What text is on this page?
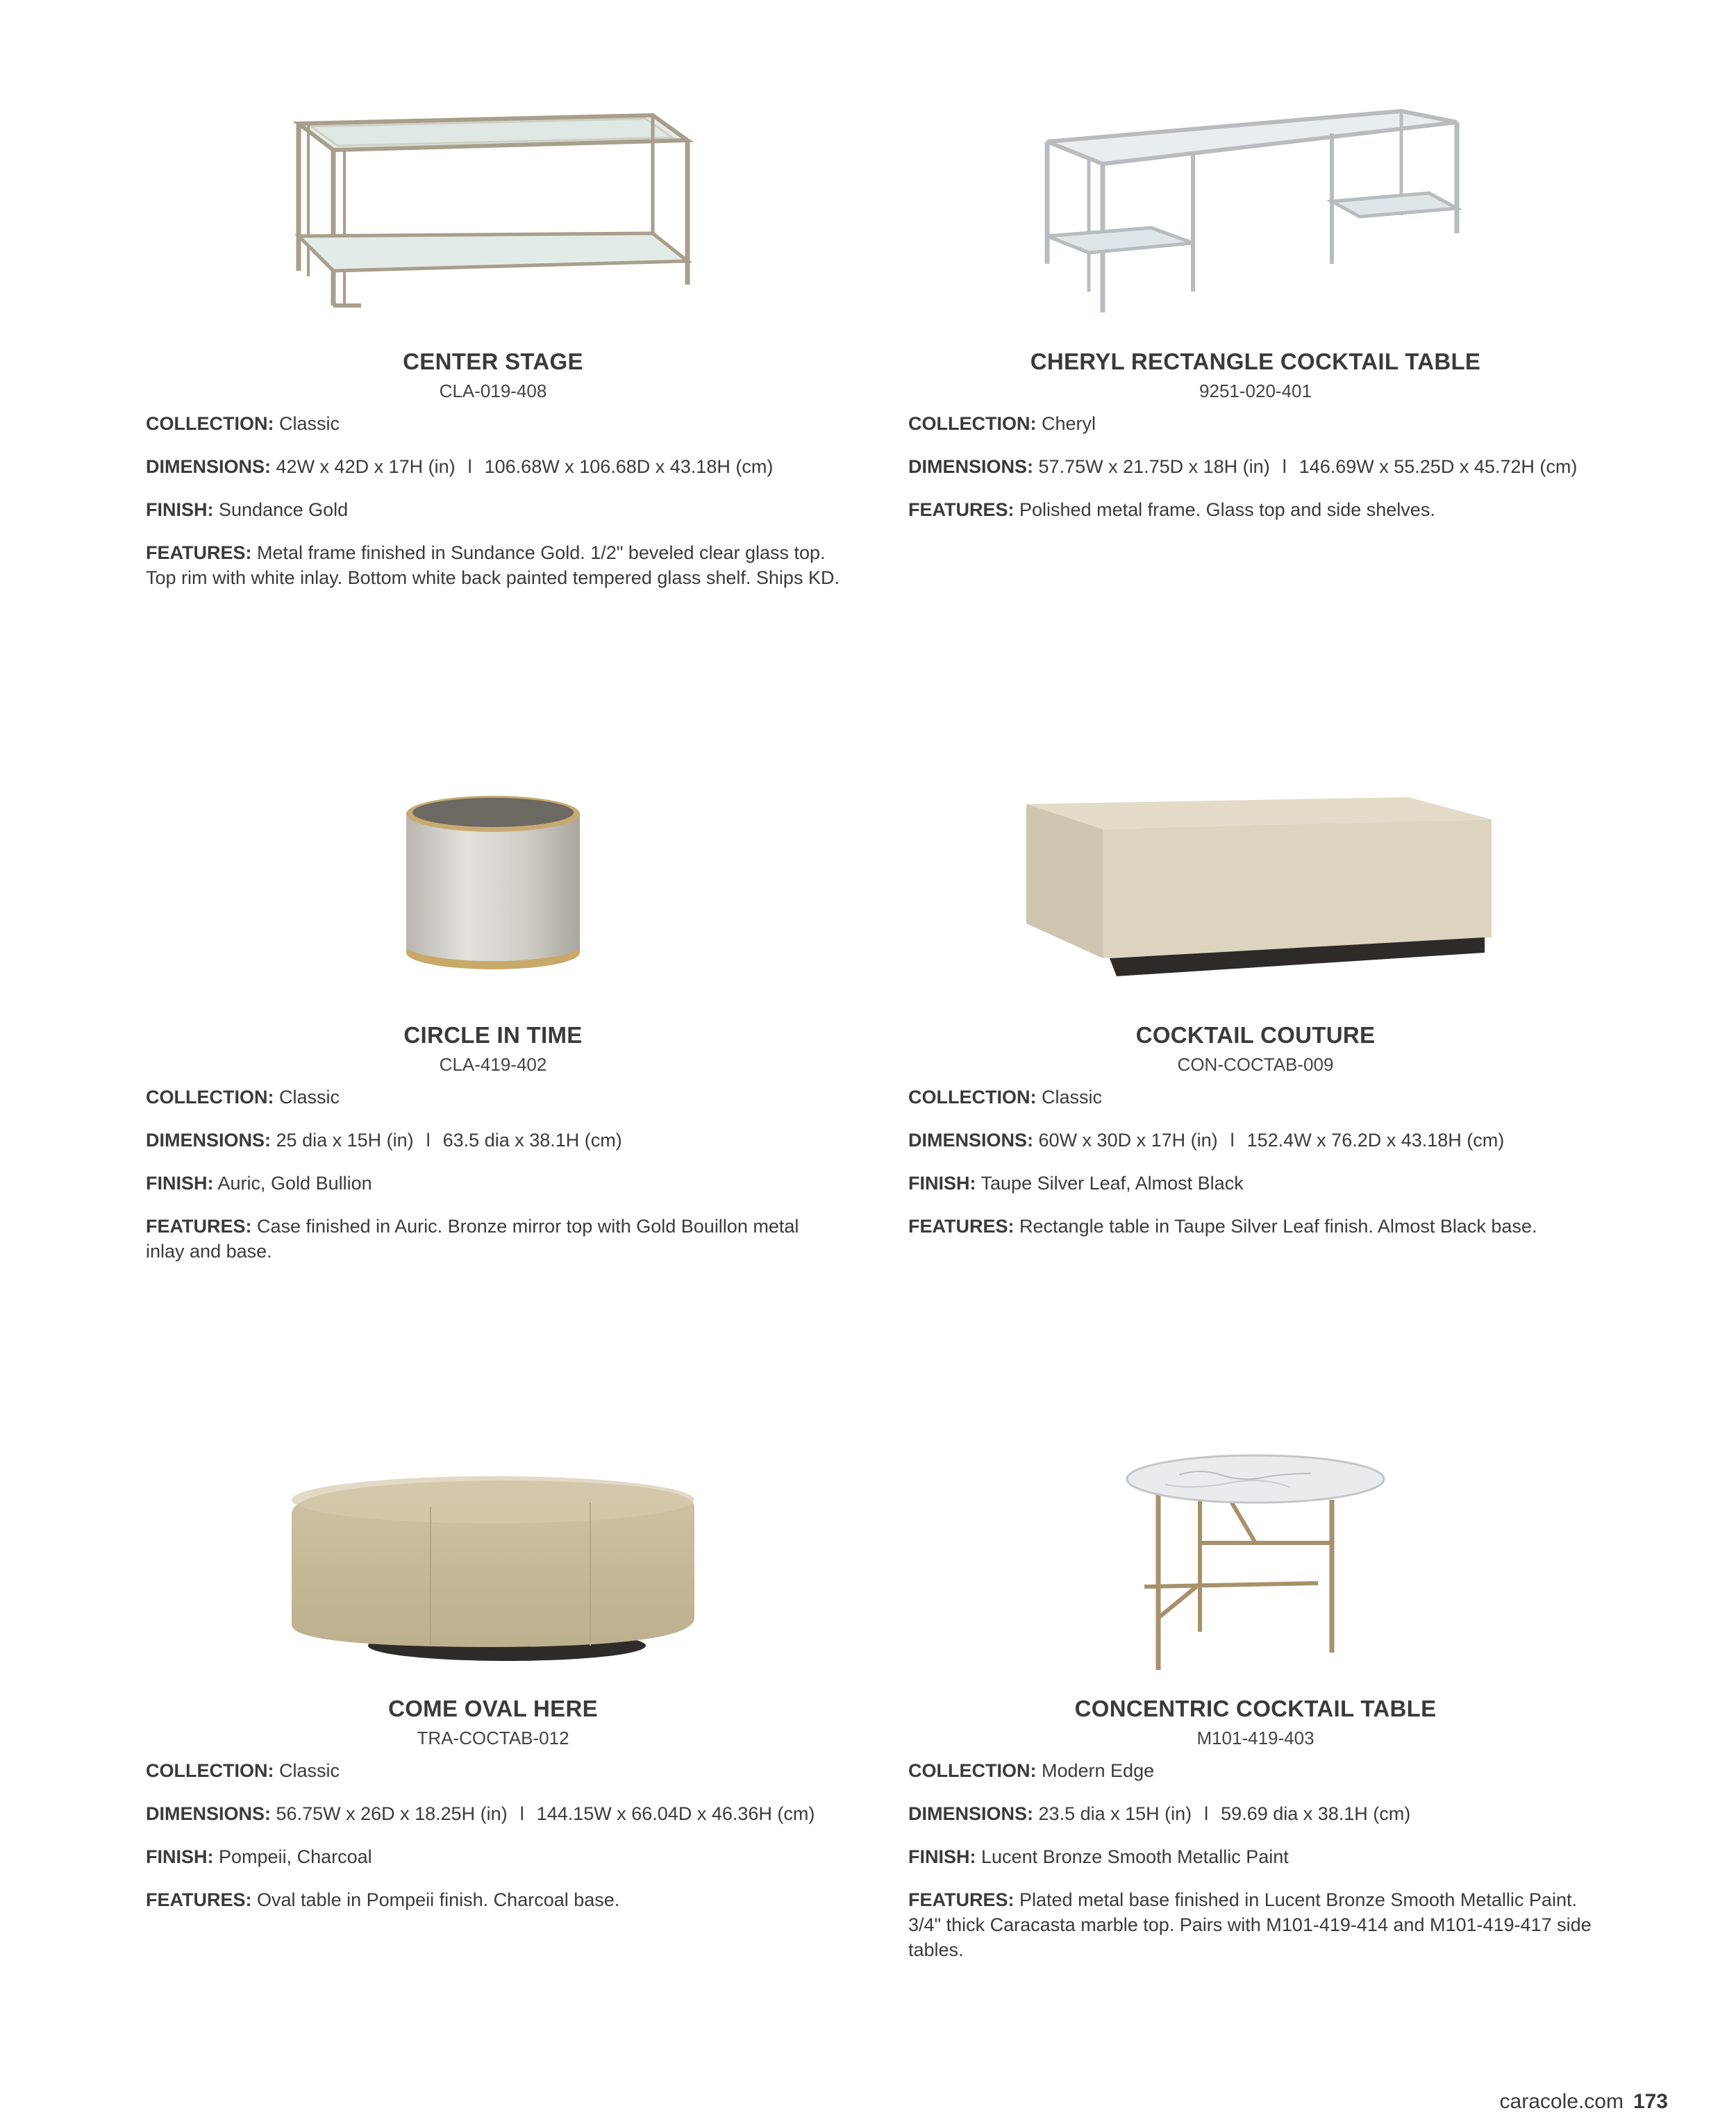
CENTER STAGE
CLA-019-408
COLLECTION: Classic
DIMENSIONS: 42W x 42D x 17H (in) l 106.68W x 106.68D x 43.18H (cm)
FINISH: Sundance Gold
FEATURES: Metal frame finished in Sundance Gold. 1/2" beveled clear glass top. Top rim with white inlay. Bottom white back painted tempered glass shelf. Ships KD.
CHERYL RECTANGLE COCKTAIL TABLE
9251-020-401
COLLECTION: Cheryl
DIMENSIONS: 57.75W x 21.75D x 18H (in) l 146.69W x 55.25D x 45.72H (cm)
FEATURES: Polished metal frame. Glass top and side shelves.
CIRCLE IN TIME
CLA-419-402
COLLECTION: Classic
DIMENSIONS: 25 dia x 15H (in) l 63.5 dia x 38.1H (cm)
FINISH: Auric, Gold Bullion
FEATURES: Case finished in Auric. Bronze mirror top with Gold Bouillon metal inlay and base.
COCKTAIL COUTURE
CON-COCTAB-009
COLLECTION: Classic
DIMENSIONS: 60W x 30D x 17H (in) l 152.4W x 76.2D x 43.18H (cm)
FINISH: Taupe Silver Leaf, Almost Black
FEATURES: Rectangle table in Taupe Silver Leaf finish. Almost Black base.
COME OVAL HERE
TRA-COCTAB-012
COLLECTION: Classic
DIMENSIONS: 56.75W x 26D x 18.25H (in) l 144.15W x 66.04D x 46.36H (cm)
FINISH: Pompeii, Charcoal
FEATURES: Oval table in Pompeii finish. Charcoal base.
CONCENTRIC COCKTAIL TABLE
M101-419-403
COLLECTION: Modern Edge
DIMENSIONS: 23.5 dia x 15H (in) l 59.69 dia x 38.1H (cm)
FINISH: Lucent Bronze Smooth Metallic Paint
FEATURES: Plated metal base finished in Lucent Bronze Smooth Metallic Paint. 3/4" thick Caracasta marble top. Pairs with M101-419-414 and M101-419-417 side tables.
caracole.com 173
